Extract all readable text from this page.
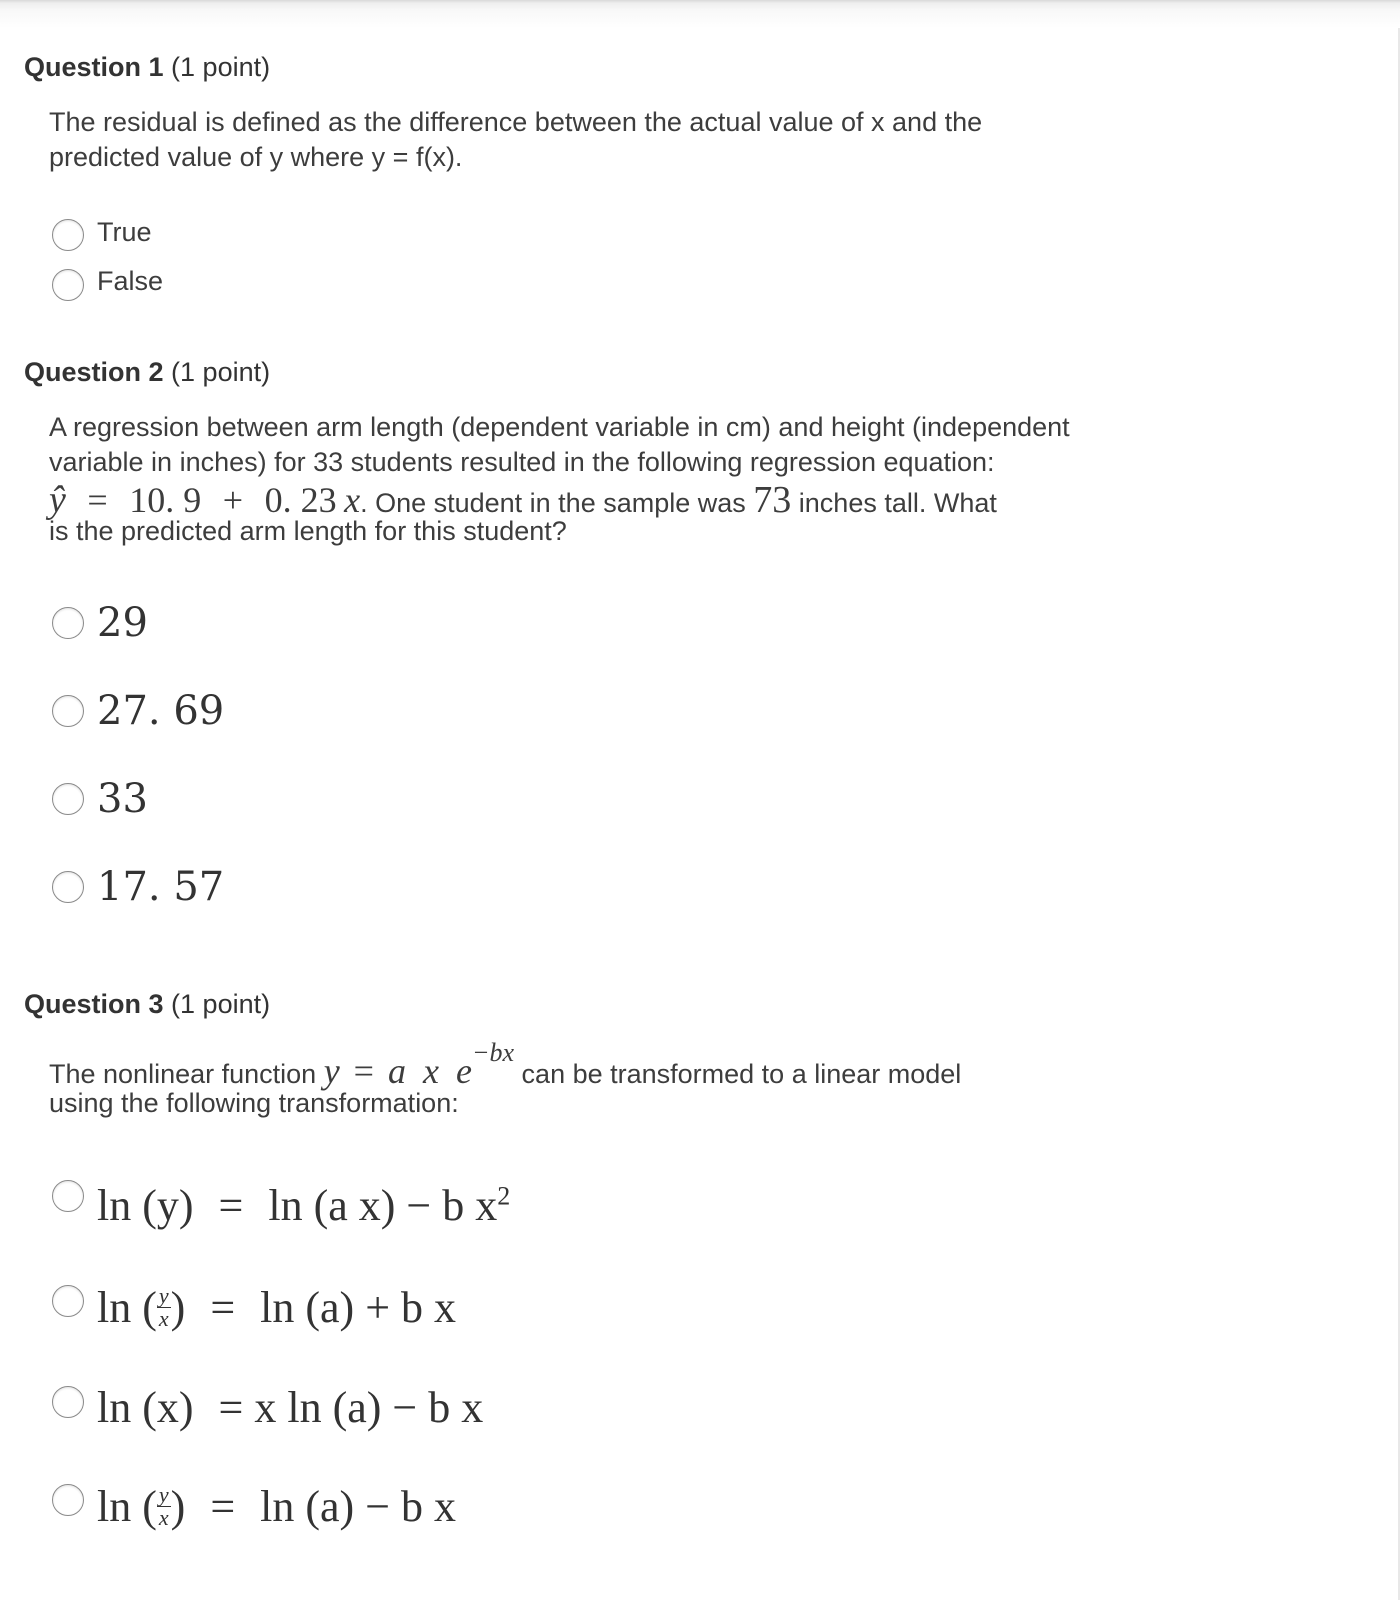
Question 1 (1 point)
The residual is defined as the difference between the actual value of x and the
predicted value of y where y = f(x).
True
False
Question 2 (1 point)
A regression between arm length (dependent variable in cm) and height (independent
variable in inches) for 33 students resulted in the following regression equation:
ŷ = 10. 9 + 0. 23 x. One student in the sample was 73 inches tall. What
is the predicted arm length for this student?
29
27. 69
33
17. 57
Question 3 (1 point)
The nonlinear function y = a x e−bx can be transformed to a linear model
using the following transformation:
ln (y) = ln (a x) − b $x^2$
ln ( $\frac{y}{x}$ ) = ln (a) + b x
ln (x) = x ln (a) − b x
ln ( $\frac{y}{x}$ ) = ln (a) − b x
